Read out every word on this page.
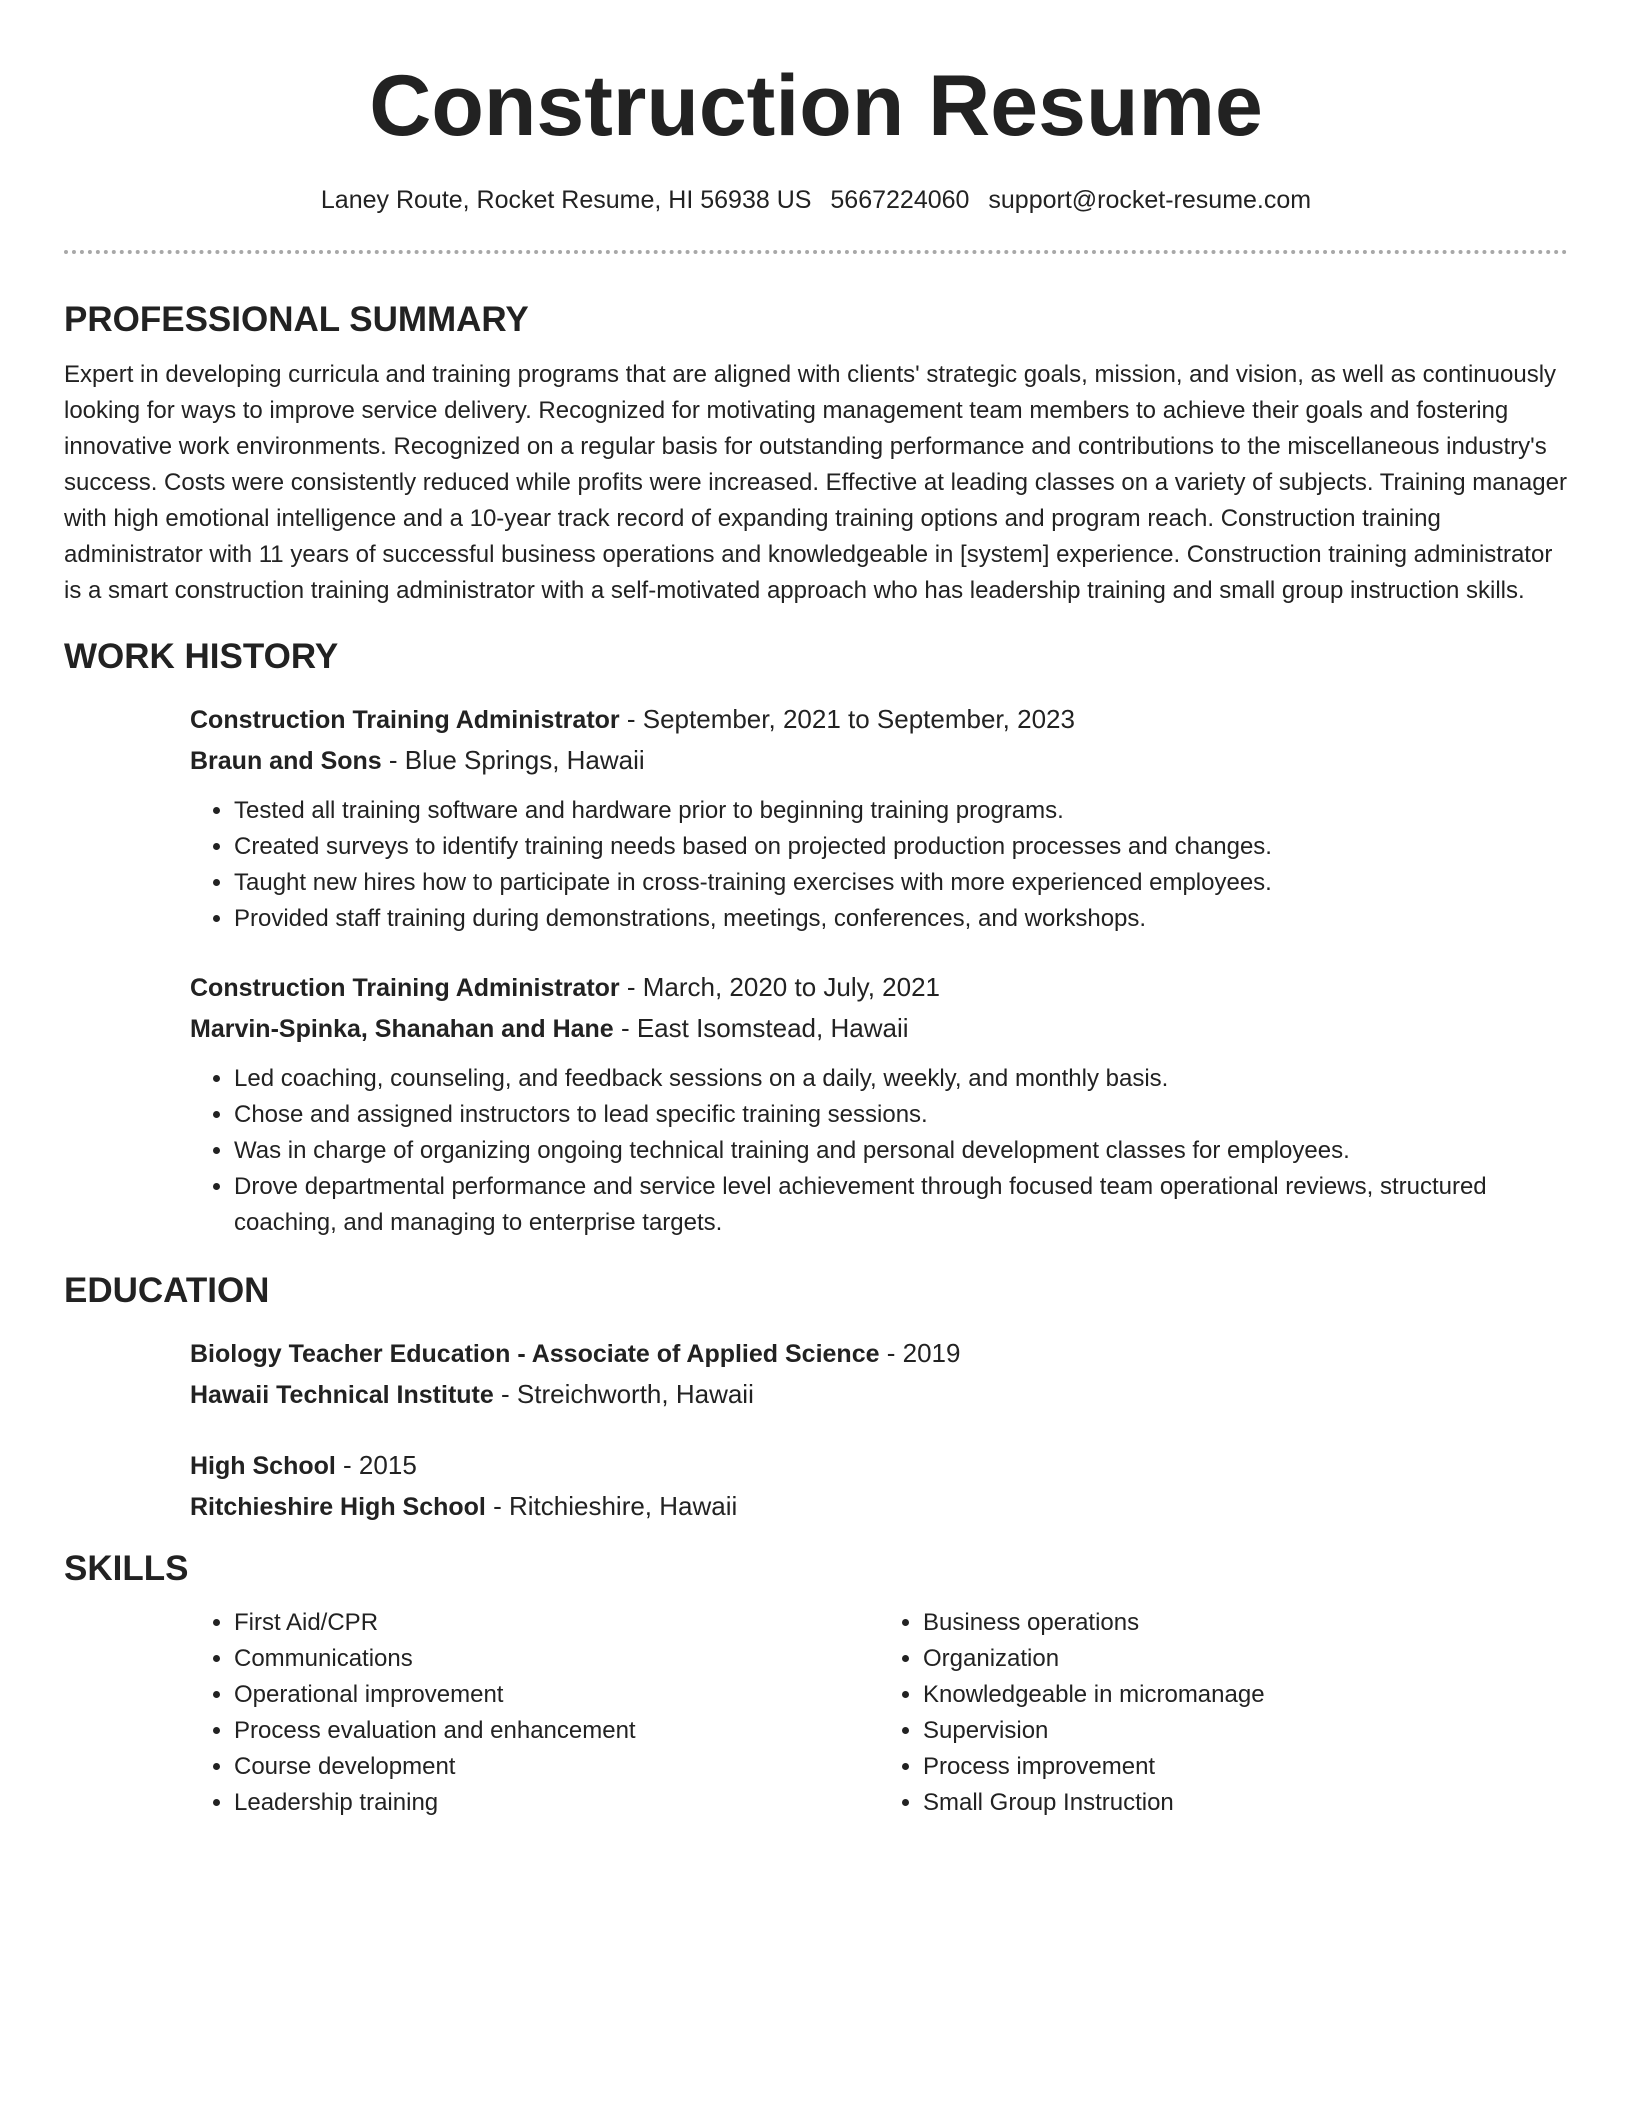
Construction Resume
Laney Route, Rocket Resume, HI 56938 US 5667224060 support@rocket-resume.com
PROFESSIONAL SUMMARY

Expert in developing curricula and training programs that are aligned with clients' strategic goals, mission, and vision, as well as continuously looking for ways to improve service delivery. Recognized for motivating management team members to achieve their goals and fostering innovative work environments. Recognized on a regular basis for outstanding performance and contributions to the miscellaneous industry's success. Costs were consistently reduced while profits were increased. Effective at leading classes on a variety of subjects. Training manager with high emotional intelligence and a 10-year track record of expanding training options and program reach. Construction training administrator with 11 years of successful business operations and knowledgeable in [system] experience. Construction training administrator is a smart construction training administrator with a self-motivated approach who has leadership training and small group instruction skills.

WORK HISTORY
Construction Training Administrator - September, 2021 to September, 2023
Braun and Sons - Blue Springs, Hawaii
• Tested all training software and hardware prior to beginning training programs.
• Created surveys to identify training needs based on projected production processes and changes.
• Taught new hires how to participate in cross-training exercises with more experienced employees.
• Provided staff training during demonstrations, meetings, conferences, and workshops.
Construction Training Administrator - March, 2020 to July, 2021
Marvin-Spinka, Shanahan and Hane - East Isomstead, Hawaii
• Led coaching, counseling, and feedback sessions on a daily, weekly, and monthly basis.
• Chose and assigned instructors to lead specific training sessions.
• Was in charge of organizing ongoing technical training and personal development classes for employees.
• Drove departmental performance and service level achievement through focused team operational reviews, structured coaching, and managing to enterprise targets.
EDUCATION
Biology Teacher Education - Associate of Applied Science - 2019
Hawaii Technical Institute - Streichworth, Hawaii
High School - 2015
Ritchieshire High School - Ritchieshire, Hawaii
SKILLS
• First Aid/CPR
• Communications
• Operational improvement
• Process evaluation and enhancement
• Course development
• Leadership training
• Business operations
• Organization
• Knowledgeable in micromanage
• Supervision
• Process improvement
• Small Group Instruction
